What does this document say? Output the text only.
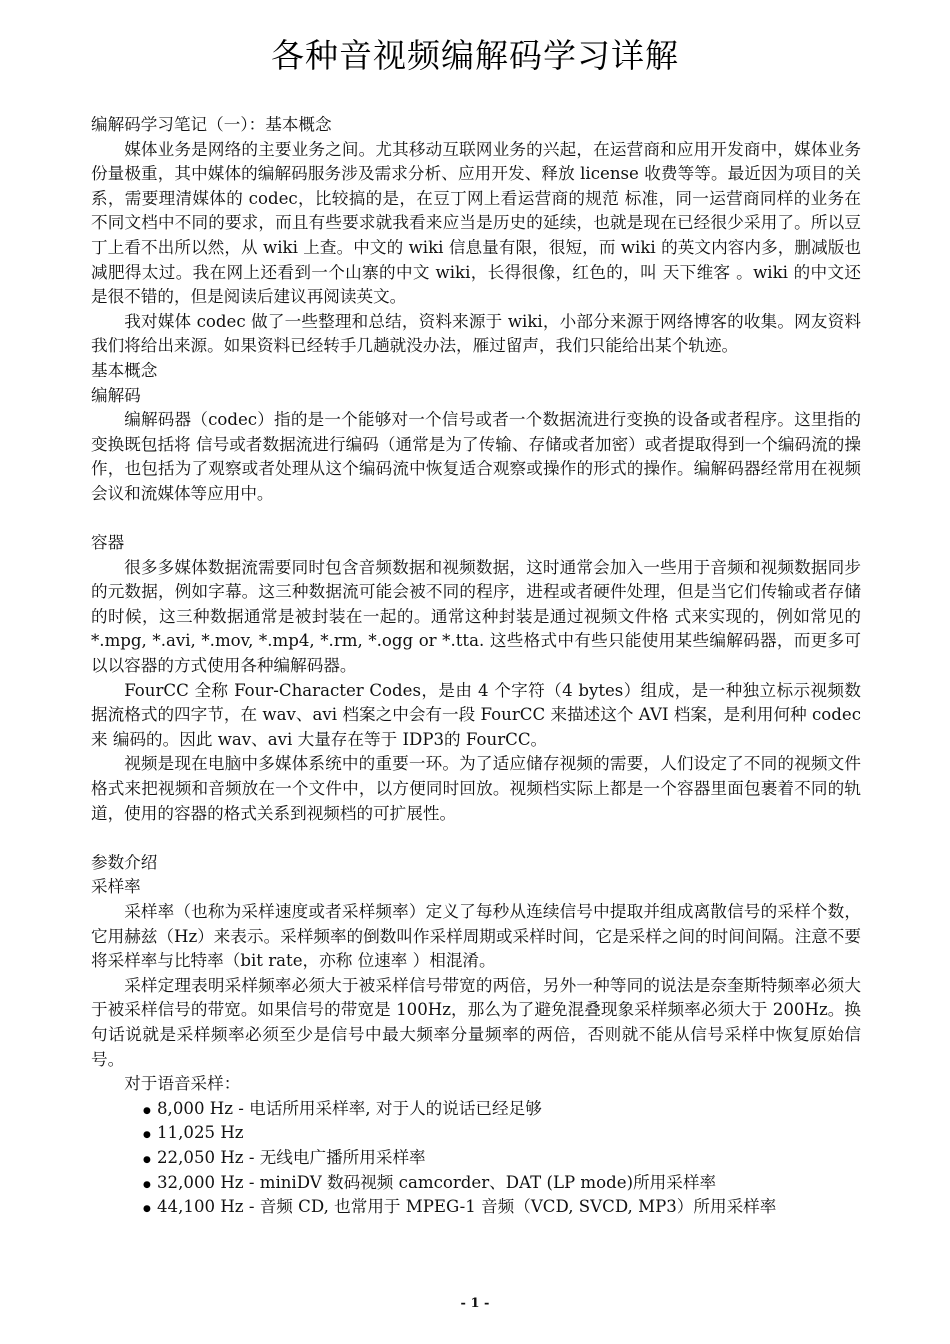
各种音视频编解码学习详解

编解码学习笔记（一）：基本概念

媒体业务是网络的主要业务之间。尤其移动互联网业务的兴起，在运营商和应用开发商中，媒体业务份量极重，其中媒体的编解码服务涉及需求分析、应用开发、释放 license 收费等等。最近因为项目的关系，需要理清媒体的 codec，比较搞的是，在豆丁网上看运营商的规范 标准，同一运营商同样的业务在不同文档中不同的要求，而且有些要求就我看来应当是历史的延续，也就是现在已经很少采用了。所以豆丁上看不出所以然，从 wiki 上查。中文的 wiki 信息量有限，很短，而 wiki 的英文内容内多，删减版也减肥得太过。我在网上还看到一个山寨的中文 wiki，长得很像，红色的，叫 天下维客 。wiki 的中文还是很不错的，但是阅读后建议再阅读英文。

我对媒体 codec 做了一些整理和总结，资料来源于 wiki，小部分来源于网络博客的收集。网友资料我们将给出来源。如果资料已经转手几趟就没办法，雁过留声，我们只能给出某个轨迹。

基本概念

编解码

编解码器（codec）指的是一个能够对一个信号或者一个数据流进行变换的设备或者程序。这里指的变换既包括将 信号或者数据流进行编码（通常是为了传输、存储或者加密）或者提取得到一个编码流的操作，也包括为了观察或者处理从这个编码流中恢复适合观察或操作的形式的操作。编解码器经常用在视频会议和流媒体等应用中。

容器

很多多媒体数据流需要同时包含音频数据和视频数据，这时通常会加入一些用于音频和视频数据同步的元数据，例如字幕。这三种数据流可能会被不同的程序，进程或者硬件处理，但是当它们传输或者存储的时候，这三种数据通常是被封装在一起的。通常这种封装是通过视频文件格 式来实现的，例如常见的*.mpg, *.avi, *.mov, *.mp4, *.rm, *.ogg or *.tta. 这些格式中有些只能使用某些编解码器，而更多可以以容器的方式使用各种编解码器。

FourCC 全称 Four-Character Codes，是由 4 个字符（4 bytes）组成，是一种独立标示视频数据流格式的四字节，在 wav、avi 档案之中会有一段 FourCC 来描述这个 AVI 档案，是利用何种 codec 来 编码的。因此 wav、avi 大量存在等于 IDP3的 FourCC。

视频是现在电脑中多媒体系统中的重要一环。为了适应储存视频的需要，人们设定了不同的视频文件格式来把视频和音频放在一个文件中，以方便同时回放。视频档实际上都是一个容器里面包裹着不同的轨道，使用的容器的格式关系到视频档的可扩展性。

参数介绍

采样率

采样率（也称为采样速度或者采样频率）定义了每秒从连续信号中提取并组成离散信号的采样个数，它用赫兹（Hz）来表示。采样频率的倒数叫作采样周期或采样时间，它是采样之间的时间间隔。注意不要将采样率与比特率（bit rate，亦称 位速率 ）相混淆。

采样定理表明采样频率必须大于被采样信号带宽的两倍，另外一种等同的说法是奈奎斯特频率必须大于被采样信号的带宽。如果信号的带宽是 100Hz，那么为了避免混叠现象采样频率必须大于 200Hz。换句话说就是采样频率必须至少是信号中最大频率分量频率的两倍，否则就不能从信号采样中恢复原始信号。

对于语音采样：

● 8,000 Hz - 电话所用采样率, 对于人的说话已经足够
● 11,025 Hz
● 22,050 Hz - 无线电广播所用采样率
● 32,000 Hz - miniDV 数码视频 camcorder、DAT (LP mode)所用采样率
● 44,100 Hz - 音频 CD, 也常用于 MPEG-1 音频（VCD, SVCD, MP3）所用采样率
- 1 -
